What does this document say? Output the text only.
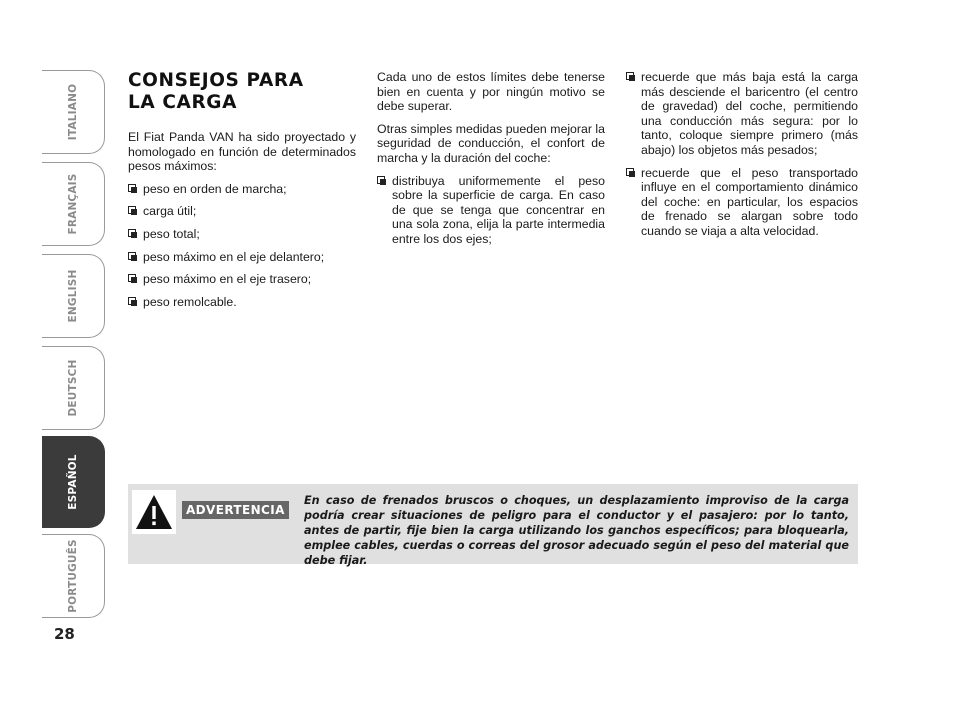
ITALIANO
FRANÇAIS
ENGLISH
DEUTSCH
ESPAÑOL
PORTUGUÊS
28
CONSEJOS PARA
LA CARGA

El Fiat Panda VAN ha sido proyectado y homologado en función de determinados pesos máximos:

peso en orden de marcha;
carga útil;
peso total;
peso máximo en el eje delantero;
peso máximo en el eje trasero;
peso remolcable.

Cada uno de estos límites debe tenerse bien en cuenta y por ningún motivo se debe superar.

Otras simples medidas pueden mejorar la seguridad de conducción, el confort de marcha y la duración del coche:

distribuya uniformemente el peso sobre la superficie de carga. En caso de que se tenga que concentrar en una sola zona, elija la parte intermedia entre los dos ejes;
recuerde que más baja está la carga más desciende el baricentro (el centro de gravedad) del coche, permitiendo una conducción más segura: por lo tanto, coloque siempre primero (más abajo) los objetos más pesados;
recuerde que el peso transportado influye en el comportamiento dinámico del coche: en particular, los espacios de frenado se alargan sobre todo cuando se viaja a alta velocidad.
ADVERTENCIA
En caso de frenados bruscos o choques, un desplazamiento improviso de la carga podría crear situaciones de peligro para el conductor y el pasajero: por lo tanto, antes de partir, fije bien la carga utilizando los ganchos específicos; para bloquearla, emplee cables, cuerdas o correas del grosor adecuado según el peso del material que debe fijar.
